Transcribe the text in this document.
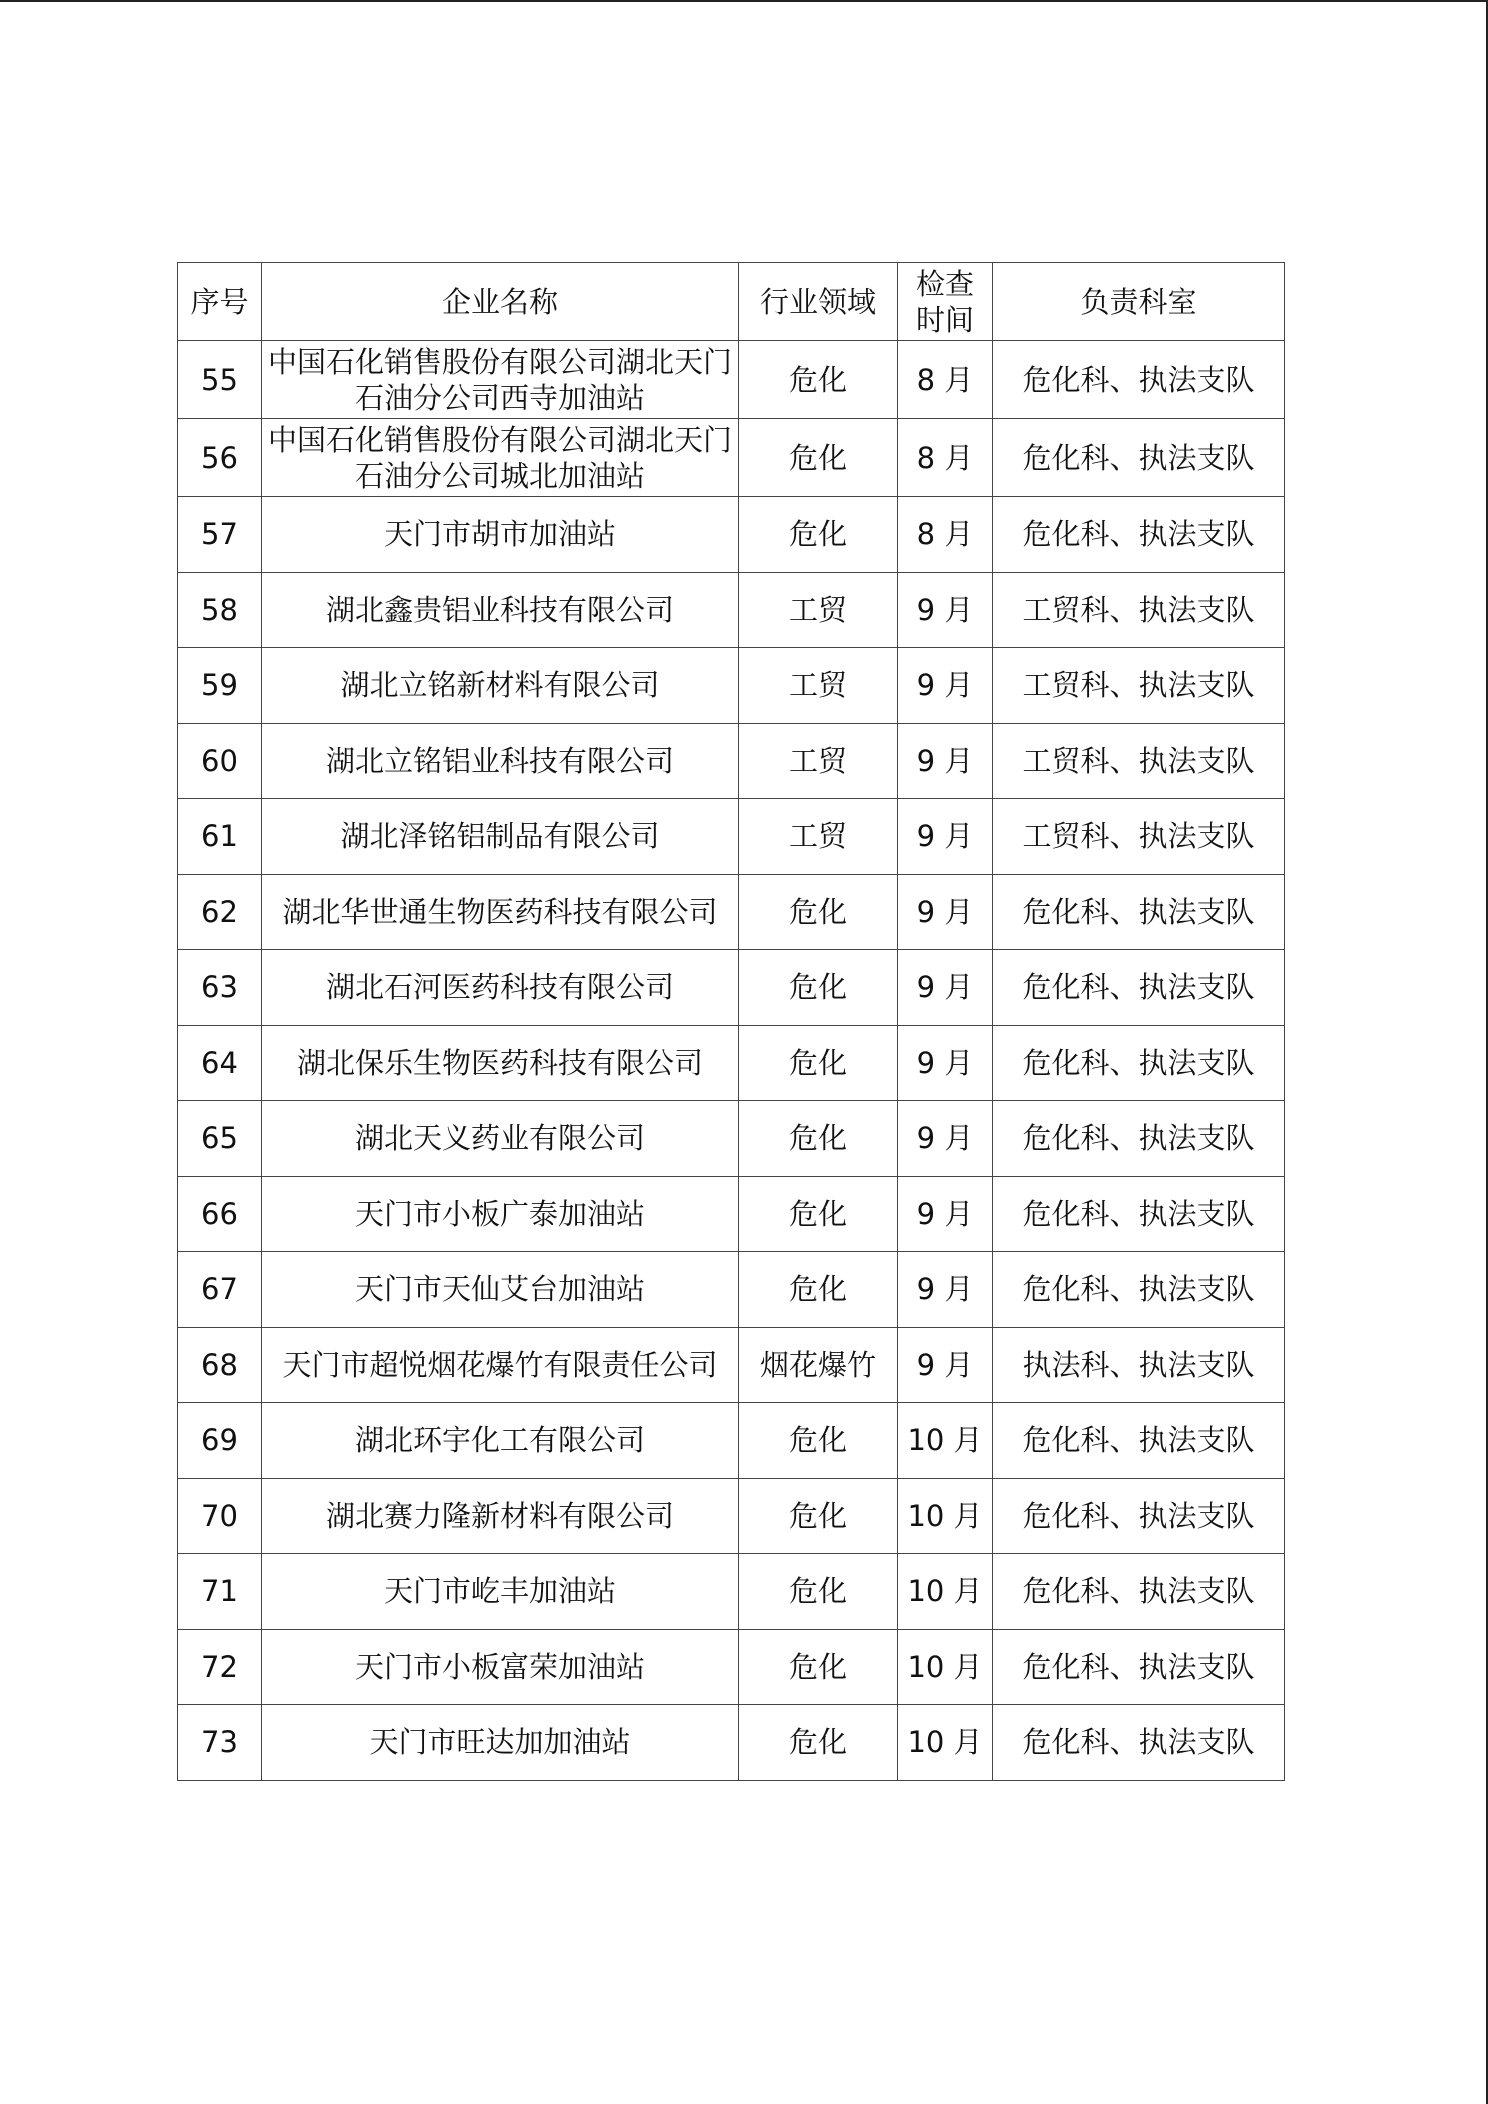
序号	企业名称	行业领域	检查时间	负责科室
55	中国石化销售股份有限公司湖北天门石油分公司西寺加油站	危化	8 月	危化科、执法支队
56	中国石化销售股份有限公司湖北天门石油分公司城北加油站	危化	8 月	危化科、执法支队
57	天门市胡市加油站	危化	8 月	危化科、执法支队
58	湖北鑫贵铝业科技有限公司	工贸	9 月	工贸科、执法支队
59	湖北立铭新材料有限公司	工贸	9 月	工贸科、执法支队
60	湖北立铭铝业科技有限公司	工贸	9 月	工贸科、执法支队
61	湖北泽铭铝制品有限公司	工贸	9 月	工贸科、执法支队
62	湖北华世通生物医药科技有限公司	危化	9 月	危化科、执法支队
63	湖北石河医药科技有限公司	危化	9 月	危化科、执法支队
64	湖北保乐生物医药科技有限公司	危化	9 月	危化科、执法支队
65	湖北天义药业有限公司	危化	9 月	危化科、执法支队
66	天门市小板广泰加油站	危化	9 月	危化科、执法支队
67	天门市天仙艾台加油站	危化	9 月	危化科、执法支队
68	天门市超悦烟花爆竹有限责任公司	烟花爆竹	9 月	执法科、执法支队
69	湖北环宇化工有限公司	危化	10 月	危化科、执法支队
70	湖北赛力隆新材料有限公司	危化	10 月	危化科、执法支队
71	天门市屹丰加油站	危化	10 月	危化科、执法支队
72	天门市小板富荣加油站	危化	10 月	危化科、执法支队
73	天门市旺达加加油站	危化	10 月	危化科、执法支队
